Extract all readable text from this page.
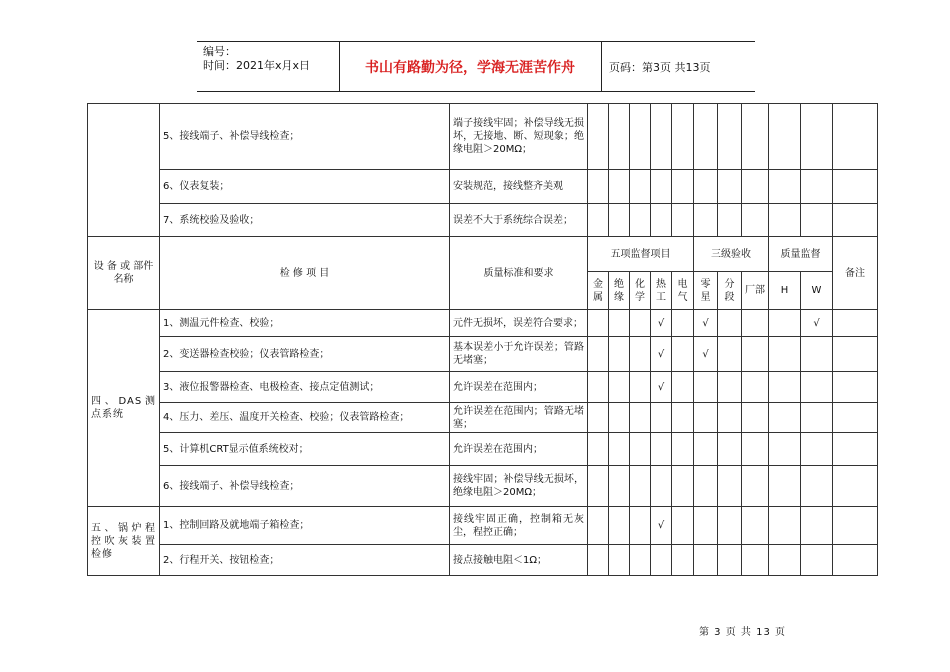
编号：
时间：2021年x月x日	书山有路勤为径，学海无涯苦作舟	页码：第3页 共13页
	5、接线端子、补偿导线检查；	端子接线牢固；补偿导线无损坏，无接地、断、短现象；绝缘电阻＞20MΩ；											
	6、仪表复装；	安装规范，接线整齐美观											
	7、系统校验及验收；	误差不大于系统综合误差；											
设 备 或 部件名称	检 修 项 目	质量标准和要求	五项监督项目					三级验收			质量监督		备注
			金属	绝缘	化学	热工	电气	零星	分段	厂部	H	W	
四、DAS测点系统	1、测温元件检查、校验；	元件无损坏，误差符合要求；				√		√				√	
	2、变送器检查校验；仪表管路检查；	基本误差小于允许误差；管路无堵塞；				√		√					
	3、液位报警器检查、电极检查、接点定值测试；	允许误差在范围内；				√							
	4、压力、差压、温度开关检查、校验；仪表管路检查；	允许误差在范围内；管路无堵塞；											
	5、计算机CRT显示值系统校对；	允许误差在范围内；											
	6、接线端子、补偿导线检查；	接线牢固；补偿导线无损坏，绝缘电阻＞20MΩ；											
五、锅炉程控吹灰装置检修	1、控制回路及就地端子箱检查；	接线牢固正确，控制箱无灰尘，程控正确；				√							
	2、行程开关、按钮检查；	接点接触电阻＜1Ω；											
第 3 页 共 13 页
